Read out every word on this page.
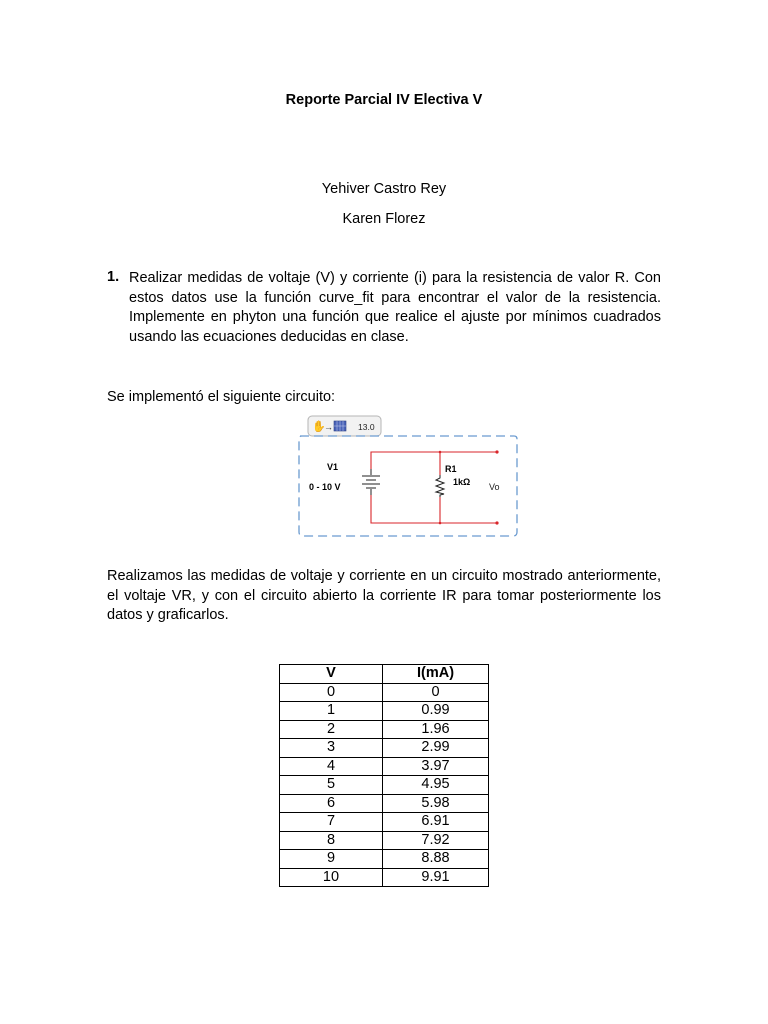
Reporte Parcial IV Electiva V
Yehiver Castro Rey
Karen Florez
1. Realizar medidas de voltaje (V) y corriente (i) para la resistencia de valor R. Con estos datos use la función curve_fit para encontrar el valor de la resistencia. Implemente en phyton una función que realice el ajuste por mínimos cuadrados usando las ecuaciones deducidas en clase.
Se implementó el siguiente circuito:
✋
→	13.0
V1
0 - 10 V
R1
1kΩ Vo
Realizamos las medidas de voltaje y corriente en un circuito mostrado anteriormente, el voltaje VR, y con el circuito abierto la corriente IR para tomar posteriormente los datos y graficarlos.
V	I(mA)
0	0
1	0.99
2	1.96
3	2.99
4	3.97
5	4.95
6	5.98
7	6.91
8	7.92
9	8.88
10	9.91
